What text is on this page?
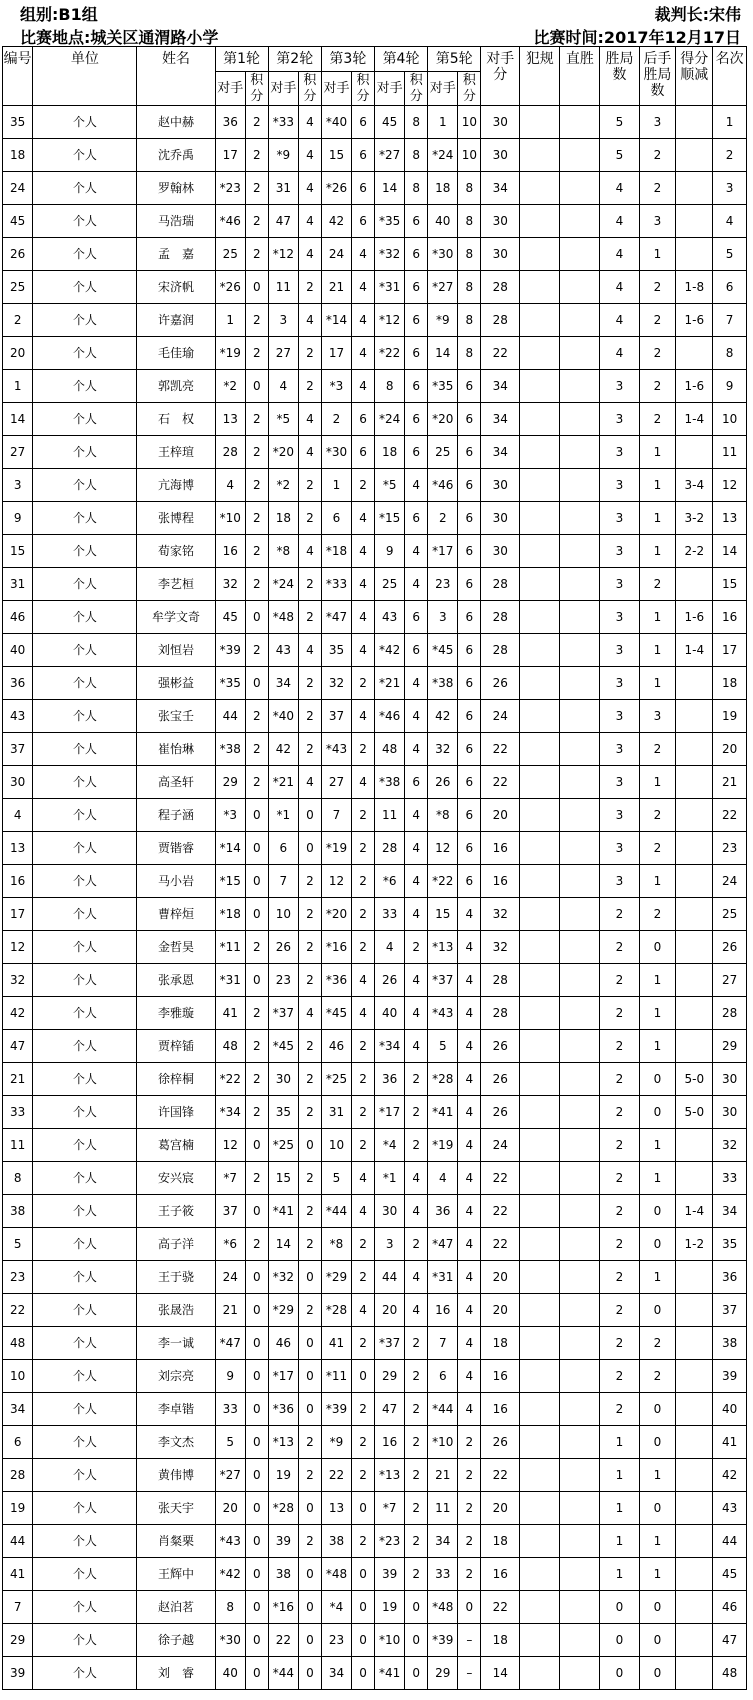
组别:B1组	裁判长:宋伟
比赛地点:城关区通渭路小学	比赛时间:2017年12月17日
编号	单位	姓名	第1轮		第2轮		第3轮		第4轮		第5轮		对手分	犯规	直胜	胜局数	后手胜局数	得分顺减	名次
			对手	积分	对手	积分	对手	积分	对手	积分	对手	积分							
35	个人	赵中赫	36	2	*33	4	*40	6	45	8	1	10	30			5	3		1
18	个人	沈乔禹	17	2	*9	4	15	6	*27	8	*24	10	30			5	2		2
24	个人	罗翰林	*23	2	31	4	*26	6	14	8	18	8	34			4	2		3
45	个人	马浩瑞	*46	2	47	4	42	6	*35	6	40	8	30			4	3		4
26	个人	孟　嘉	25	2	*12	4	24	4	*32	6	*30	8	30			4	1		5
25	个人	宋济帆	*26	0	11	2	21	4	*31	6	*27	8	28			4	2	1-8	6
2	个人	许嘉润	1	2	3	4	*14	4	*12	6	*9	8	28			4	2	1-6	7
20	个人	毛佳瑜	*19	2	27	2	17	4	*22	6	14	8	22			4	2		8
1	个人	郭凯亮	*2	0	4	2	*3	4	8	6	*35	6	34			3	2	1-6	9
14	个人	石　权	13	2	*5	4	2	6	*24	6	*20	6	34			3	2	1-4	10
27	个人	王梓瑄	28	2	*20	4	*30	6	18	6	25	6	34			3	1		11
3	个人	亢海博	4	2	*2	2	1	2	*5	4	*46	6	30			3	1	3-4	12
9	个人	张博程	*10	2	18	2	6	4	*15	6	2	6	30			3	1	3-2	13
15	个人	荀家铭	16	2	*8	4	*18	4	9	4	*17	6	30			3	1	2-2	14
31	个人	李艺桓	32	2	*24	2	*33	4	25	4	23	6	28			3	2		15
46	个人	牟学文奇	45	0	*48	2	*47	4	43	6	3	6	28			3	1	1-6	16
40	个人	刘恒岩	*39	2	43	4	35	4	*42	6	*45	6	28			3	1	1-4	17
36	个人	强彬益	*35	0	34	2	32	2	*21	4	*38	6	26			3	1		18
43	个人	张宝壬	44	2	*40	2	37	4	*46	4	42	6	24			3	3		19
37	个人	崔怡琳	*38	2	42	2	*43	2	48	4	32	6	22			3	2		20
30	个人	高圣轩	29	2	*21	4	27	4	*38	6	26	6	22			3	1		21
4	个人	程子涵	*3	0	*1	0	7	2	11	4	*8	6	20			3	2		22
13	个人	贾锴睿	*14	0	6	0	*19	2	28	4	12	6	16			3	2		23
16	个人	马小岩	*15	0	7	2	12	2	*6	4	*22	6	16			3	1		24
17	个人	曹梓烜	*18	0	10	2	*20	2	33	4	15	4	32			2	2		25
12	个人	金哲昊	*11	2	26	2	*16	2	4	2	*13	4	32			2	0		26
32	个人	张承恩	*31	0	23	2	*36	4	26	4	*37	4	28			2	1		27
42	个人	李雅璇	41	2	*37	4	*45	4	40	4	*43	4	28			2	1		28
47	个人	贾梓锸	48	2	*45	2	46	2	*34	4	5	4	26			2	1		29
21	个人	徐梓桐	*22	2	30	2	*25	2	36	2	*28	4	26			2	0	5-0	30
33	个人	许国锋	*34	2	35	2	31	2	*17	2	*41	4	26			2	0	5-0	30
11	个人	葛宫楠	12	0	*25	0	10	2	*4	2	*19	4	24			2	1		32
8	个人	安兴宸	*7	2	15	2	5	4	*1	4	4	4	22			2	1		33
38	个人	王子筱	37	0	*41	2	*44	4	30	4	36	4	22			2	0	1-4	34
5	个人	高子洋	*6	2	14	2	*8	2	3	2	*47	4	22			2	0	1-2	35
23	个人	王于骁	24	0	*32	0	*29	2	44	4	*31	4	20			2	1		36
22	个人	张晟浩	21	0	*29	2	*28	4	20	4	16	4	20			2	0		37
48	个人	李一诚	*47	0	46	0	41	2	*37	2	7	4	18			2	2		38
10	个人	刘宗亮	9	0	*17	0	*11	0	29	2	6	4	16			2	2		39
34	个人	李卓锴	33	0	*36	0	*39	2	47	2	*44	4	16			2	0		40
6	个人	李文杰	5	0	*13	2	*9	2	16	2	*10	2	26			1	0		41
28	个人	黄伟博	*27	0	19	2	22	2	*13	2	21	2	22			1	1		42
19	个人	张天宇	20	0	*28	0	13	0	*7	2	11	2	20			1	0		43
44	个人	肖粲栗	*43	0	39	2	38	2	*23	2	34	2	18			1	1		44
41	个人	王辉中	*42	0	38	0	*48	0	39	2	33	2	16			1	1		45
7	个人	赵泊茗	8	0	*16	0	*4	0	19	0	*48	0	22			0	0		46
29	个人	徐子越	*30	0	22	0	23	0	*10	0	*39	–	18			0	0		47
39	个人	刘　睿	40	0	*44	0	34	0	*41	0	29	–	14			0	0		48
